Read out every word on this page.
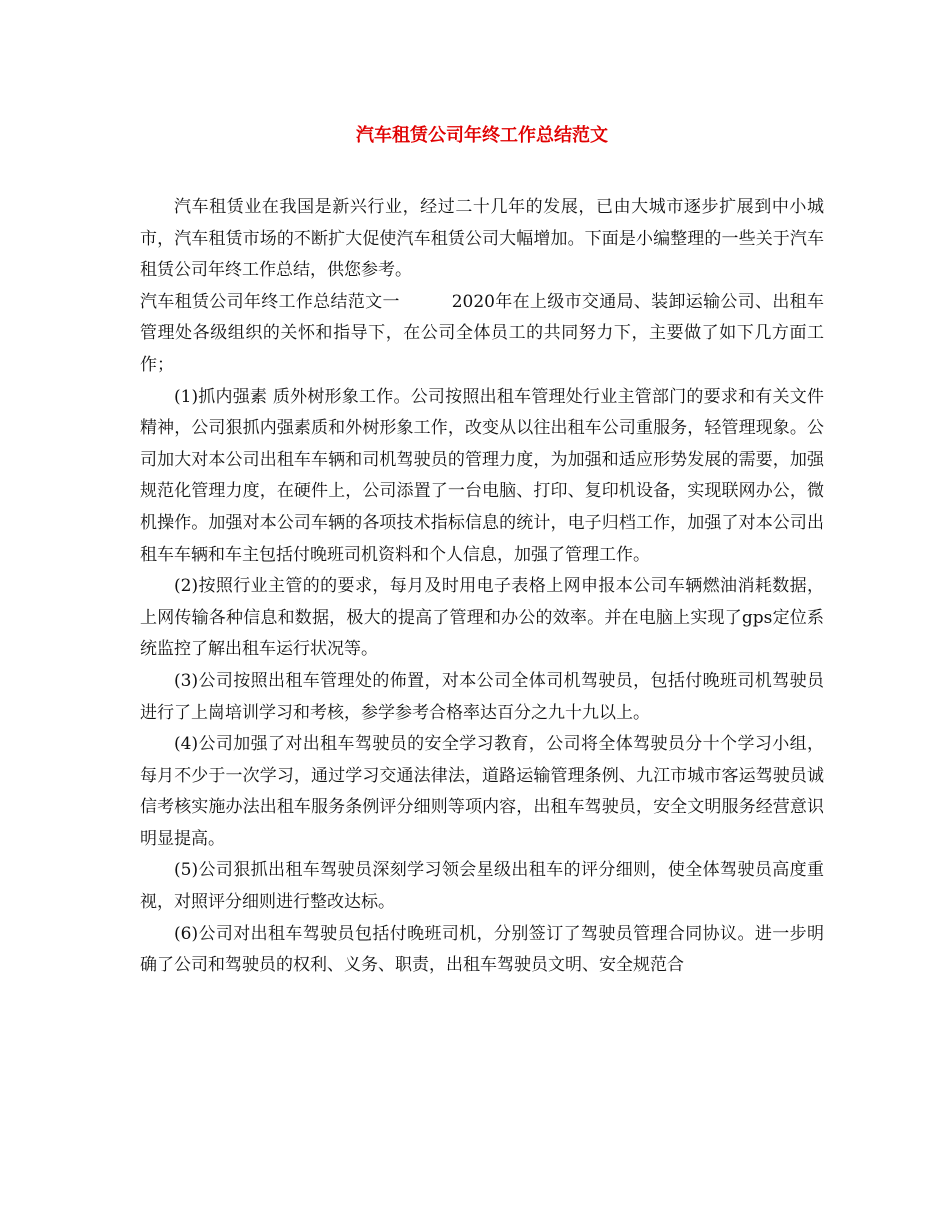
汽车租赁公司年终工作总结范文

汽车租赁业在我国是新兴行业，经过二十几年的发展，已由大城市逐步扩展到中小城市，汽车租赁市场的不断扩大促使汽车租赁公司大幅增加。下面是小编整理的一些关于汽车租赁公司年终工作总结，供您参考。

汽车租赁公司年终工作总结范文一　　　2020年在上级市交通局、装卸运输公司、出租车管理处各级组织的关怀和指导下，在公司全体员工的共同努力下，主要做了如下几方面工作；

(1)抓内强素 质外树形象工作。公司按照出租车管理处行业主管部门的要求和有关文件精神，公司狠抓内强素质和外树形象工作，改变从以往出租车公司重服务，轻管理现象。公司加大对本公司出租车车辆和司机驾驶员的管理力度，为加强和适应形势发展的需要，加强规范化管理力度，在硬件上，公司添置了一台电脑、打印、复印机设备，实现联网办公，微机操作。加强对本公司车辆的各项技术指标信息的统计，电子归档工作，加强了对本公司出租车车辆和车主包括付晚班司机资料和个人信息，加强了管理工作。

(2)按照行业主管的的要求，每月及时用电子表格上网申报本公司车辆燃油消耗数据，上网传输各种信息和数据，极大的提高了管理和办公的效率。并在电脑上实现了gps定位系统监控了解出租车运行状况等。

(3)公司按照出租车管理处的佈置，对本公司全体司机驾驶员，包括付晚班司机驾驶员进行了上崗培训学习和考核，参学参考合格率达百分之九十九以上。

(4)公司加强了对出租车驾驶员的安全学习教育，公司将全体驾驶员分十个学习小组，每月不少于一次学习，通过学习交通法律法，道路运输管理条例、九江市城市客运驾驶员诚信考核实施办法出租车服务条例评分细则等项内容，出租车驾驶员，安全文明服务经营意识明显提高。

(5)公司狠抓出租车驾驶员深刻学习领会星级出租车的评分细则，使全体驾驶员高度重视，对照评分细则进行整改达标。

(6)公司对出租车驾驶员包括付晚班司机，分别签订了驾驶员管理合同协议。进一步明确了公司和驾驶员的权利、义务、职责，出租车驾驶员文明、安全规范合
